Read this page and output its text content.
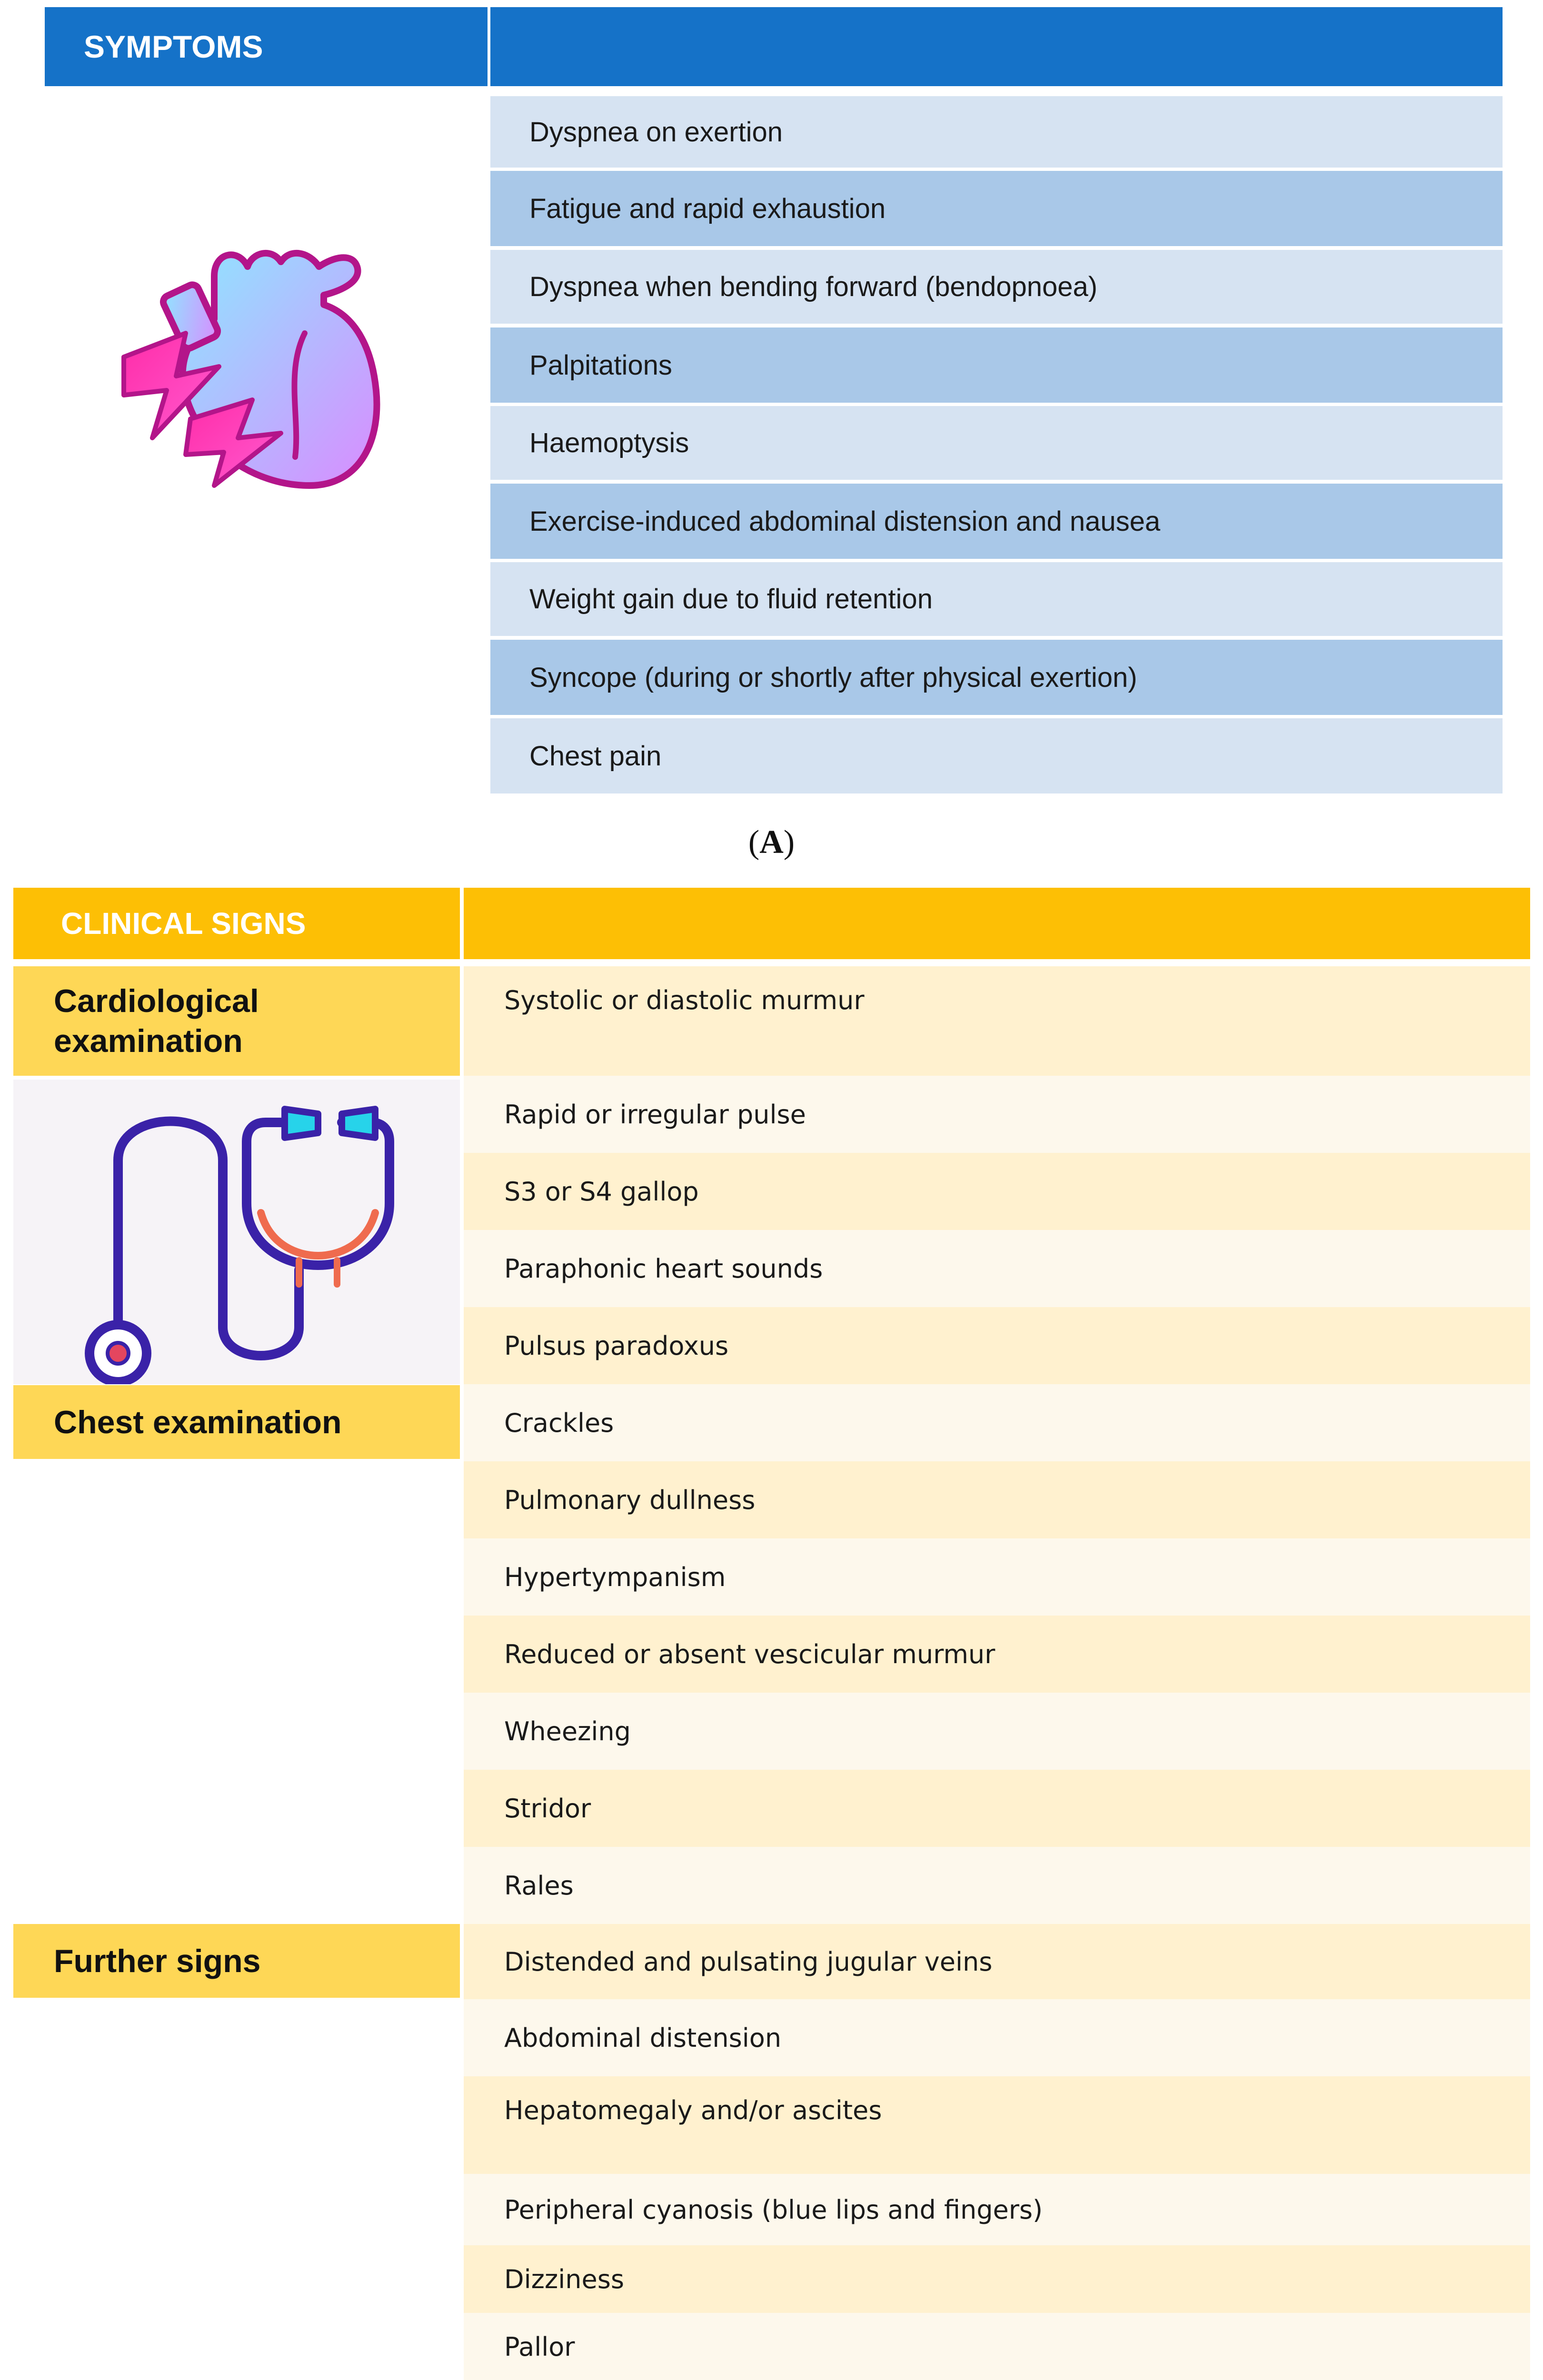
SYMPTOMS
Dyspnea on exertion
Fatigue and rapid exhaustion
Dyspnea when bending forward (bendopnoea)
Palpitations
Haemoptysis
Exercise-induced abdominal distension and nausea
Weight gain due to fluid retention
Syncope (during or shortly after physical exertion)
Chest pain
(A)
CLINICAL SIGNS
Cardiological
examination
Chest examination
Further signs
Systolic or diastolic murmur
Rapid or irregular pulse
S3 or S4 gallop
Paraphonic heart sounds
Pulsus paradoxus
Crackles
Pulmonary dullness
Hypertympanism
Reduced or absent vescicular murmur
Wheezing
Stridor
Rales
Distended and pulsating jugular veins
Abdominal distension
Hepatomegaly and/or ascites
Peripheral cyanosis (blue lips and fingers)
Dizziness
Pallor
